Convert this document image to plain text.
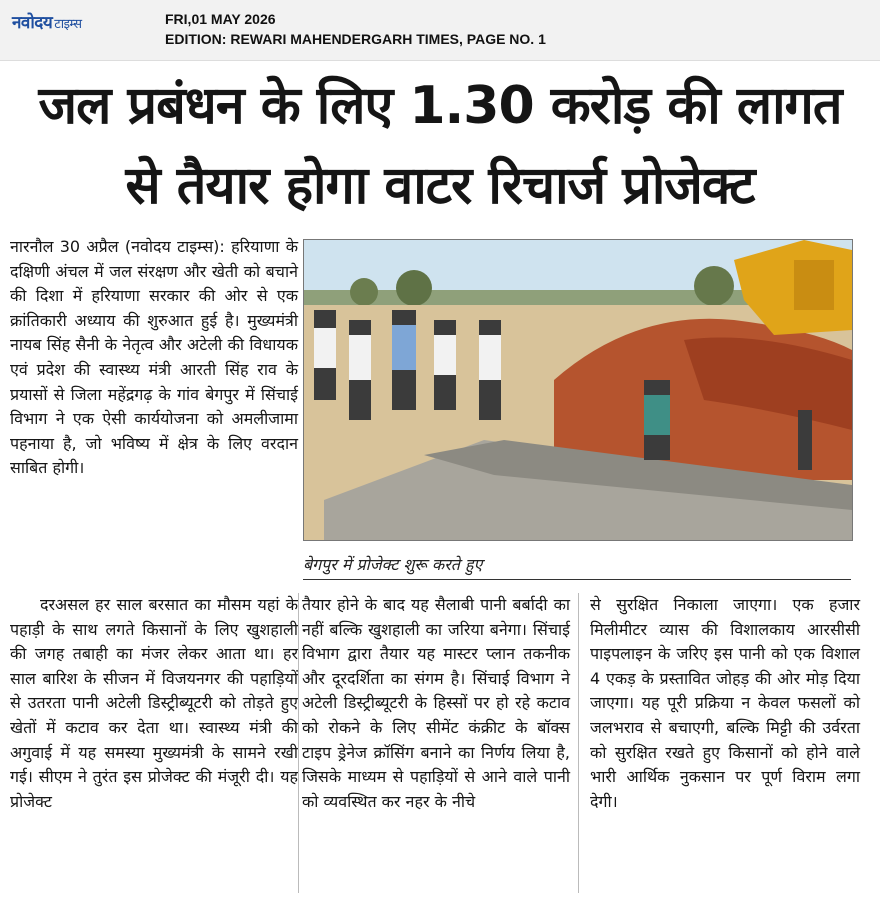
नवोदय टाइम्स	FRI,01 MAY 2026
EDITION: REWARI MAHENDERGARH TIMES, PAGE NO. 1
जल प्रबंधन के लिए 1.30 करोड़ की लागत
से तैयार होगा वाटर रिचार्ज प्रोजेक्ट

नारनौल 30 अप्रैल (नवोदय टाइम्स): हरियाणा के दक्षिणी अंचल में जल संरक्षण और खेती को बचाने की दिशा में हरियाणा सरकार की ओर से एक क्रांतिकारी अध्याय की शुरुआत हुई है। मुख्यमंत्री नायब सिंह सैनी के नेतृत्व और अटेली की विधायक एवं प्रदेश की स्वास्थ्य मंत्री आरती सिंह राव के प्रयासों से जिला महेंद्रगढ़ के गांव बेगपुर में सिंचाई विभाग ने एक ऐसी कार्ययोजना को अमलीजामा पहनाया है, जो भविष्य में क्षेत्र के लिए वरदान साबित होगी।

बेगपुर में प्रोजेक्ट शुरू करते हुए

दरअसल हर साल बरसात का मौसम यहां के पहाड़ी के साथ लगते किसानों के लिए खुशहाली की जगह तबाही का मंजर लेकर आता था। हर साल बारिश के सीजन में विजयनगर की पहाड़ियों से उतरता पानी अटेली डिस्ट्रीब्यूटरी को तोड़ते हुए खेतों में कटाव कर देता था। स्वास्थ्य मंत्री की अगुवाई में यह समस्या मुख्यमंत्री के सामने रखी गई। सीएम ने तुरंत इस प्रोजेक्ट की मंजूरी दी। यह प्रोजेक्ट

तैयार होने के बाद यह सैलाबी पानी बर्बादी का नहीं बल्कि खुशहाली का जरिया बनेगा। सिंचाई विभाग द्वारा तैयार यह मास्टर प्लान तकनीक और दूरदर्शिता का संगम है। सिंचाई विभाग ने अटेली डिस्ट्रीब्यूटरी के हिस्सों पर हो रहे कटाव को रोकने के लिए सीमेंट कंक्रीट के बॉक्स टाइप ड्रेनेज क्रॉसिंग बनाने का निर्णय लिया है, जिसके माध्यम से पहाड़ियों से आने वाले पानी को व्यवस्थित कर नहर के नीचे

से सुरक्षित निकाला जाएगा। एक हजार मिलीमीटर व्यास की विशालकाय आरसीसी पाइपलाइन के जरिए इस पानी को एक विशाल 4 एकड़ के प्रस्तावित जोहड़ की ओर मोड़ दिया जाएगा। यह पूरी प्रक्रिया न केवल फसलों को जलभराव से बचाएगी, बल्कि मिट्टी की उर्वरता को सुरक्षित रखते हुए किसानों को होने वाले भारी आर्थिक नुकसान पर पूर्ण विराम लगा देगी।
